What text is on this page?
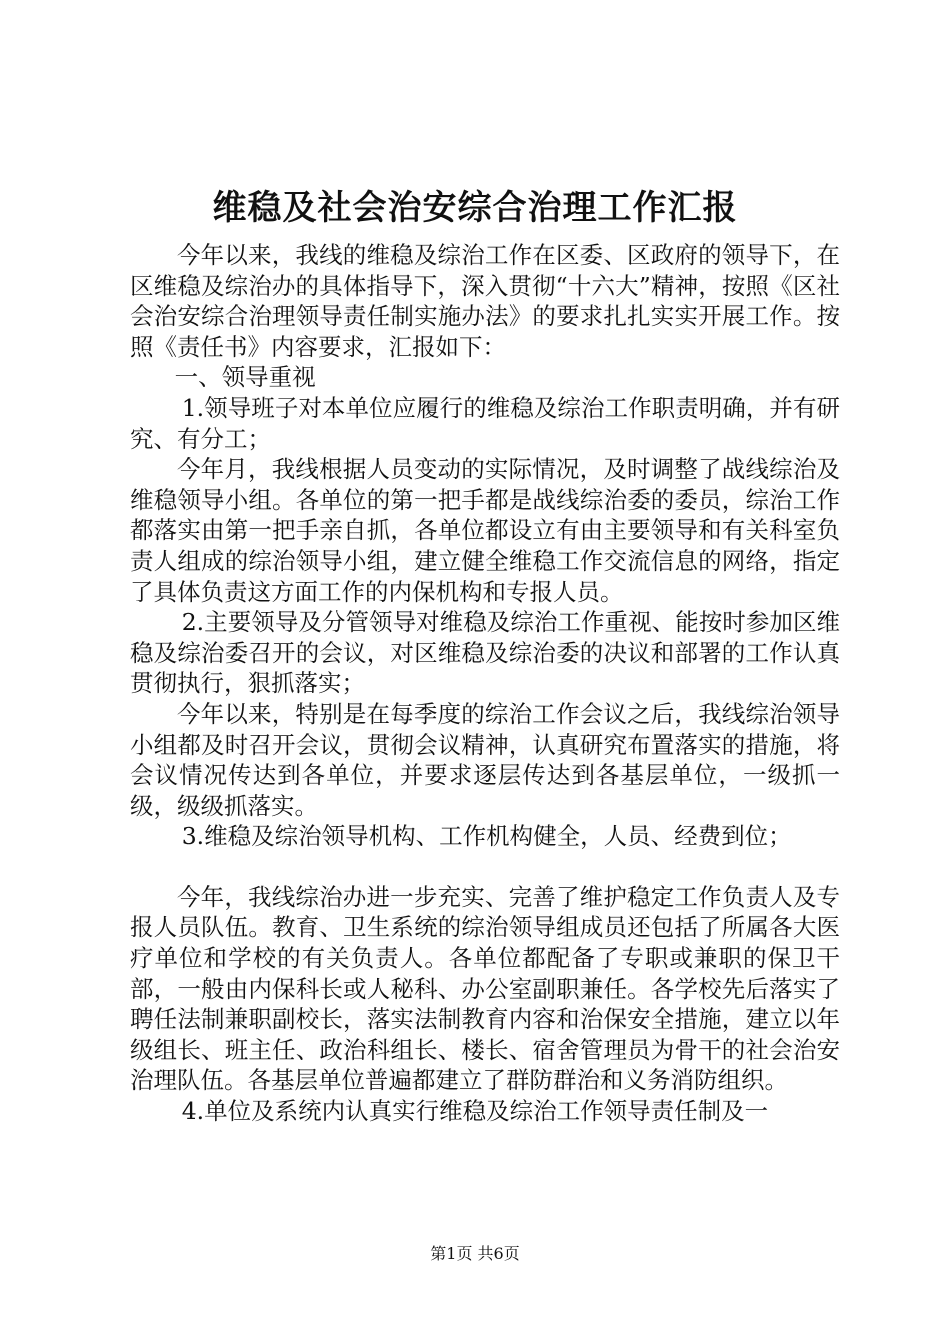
维稳及社会治安综合治理工作汇报

今年以来，我线的维稳及综治工作在区委、区政府的领导下，在区维稳及综治办的具体指导下，深入贯彻“十六大”精神，按照《区社会治安综合治理领导责任制实施办法》的要求扎扎实实开展工作。按照《责任书》内容要求，汇报如下：

一、领导重视

1.领导班子对本单位应履行的维稳及综治工作职责明确，并有研究、有分工；

今年月，我线根据人员变动的实际情况，及时调整了战线综治及维稳领导小组。各单位的第一把手都是战线综治委的委员，综治工作都落实由第一把手亲自抓，各单位都设立有由主要领导和有关科室负责人组成的综治领导小组，建立健全维稳工作交流信息的网络，指定了具体负责这方面工作的内保机构和专报人员。

2.主要领导及分管领导对维稳及综治工作重视、能按时参加区维稳及综治委召开的会议，对区维稳及综治委的决议和部署的工作认真贯彻执行，狠抓落实；

今年以来，特别是在每季度的综治工作会议之后，我线综治领导小组都及时召开会议，贯彻会议精神，认真研究布置落实的措施，将会议情况传达到各单位，并要求逐层传达到各基层单位，一级抓一级，级级抓落实。

3.维稳及综治领导机构、工作机构健全，人员、经费到位；

今年，我线综治办进一步充实、完善了维护稳定工作负责人及专报人员队伍。教育、卫生系统的综治领导组成员还包括了所属各大医疗单位和学校的有关负责人。各单位都配备了专职或兼职的保卫干部，一般由内保科长或人秘科、办公室副职兼任。各学校先后落实了聘任法制兼职副校长，落实法制教育内容和治保安全措施，建立以年级组长、班主任、政治科组长、楼长、宿舍管理员为骨干的社会治安治理队伍。各基层单位普遍都建立了群防群治和义务消防组织。

4.单位及系统内认真实行维稳及综治工作领导责任制及一

第1页 共6页
